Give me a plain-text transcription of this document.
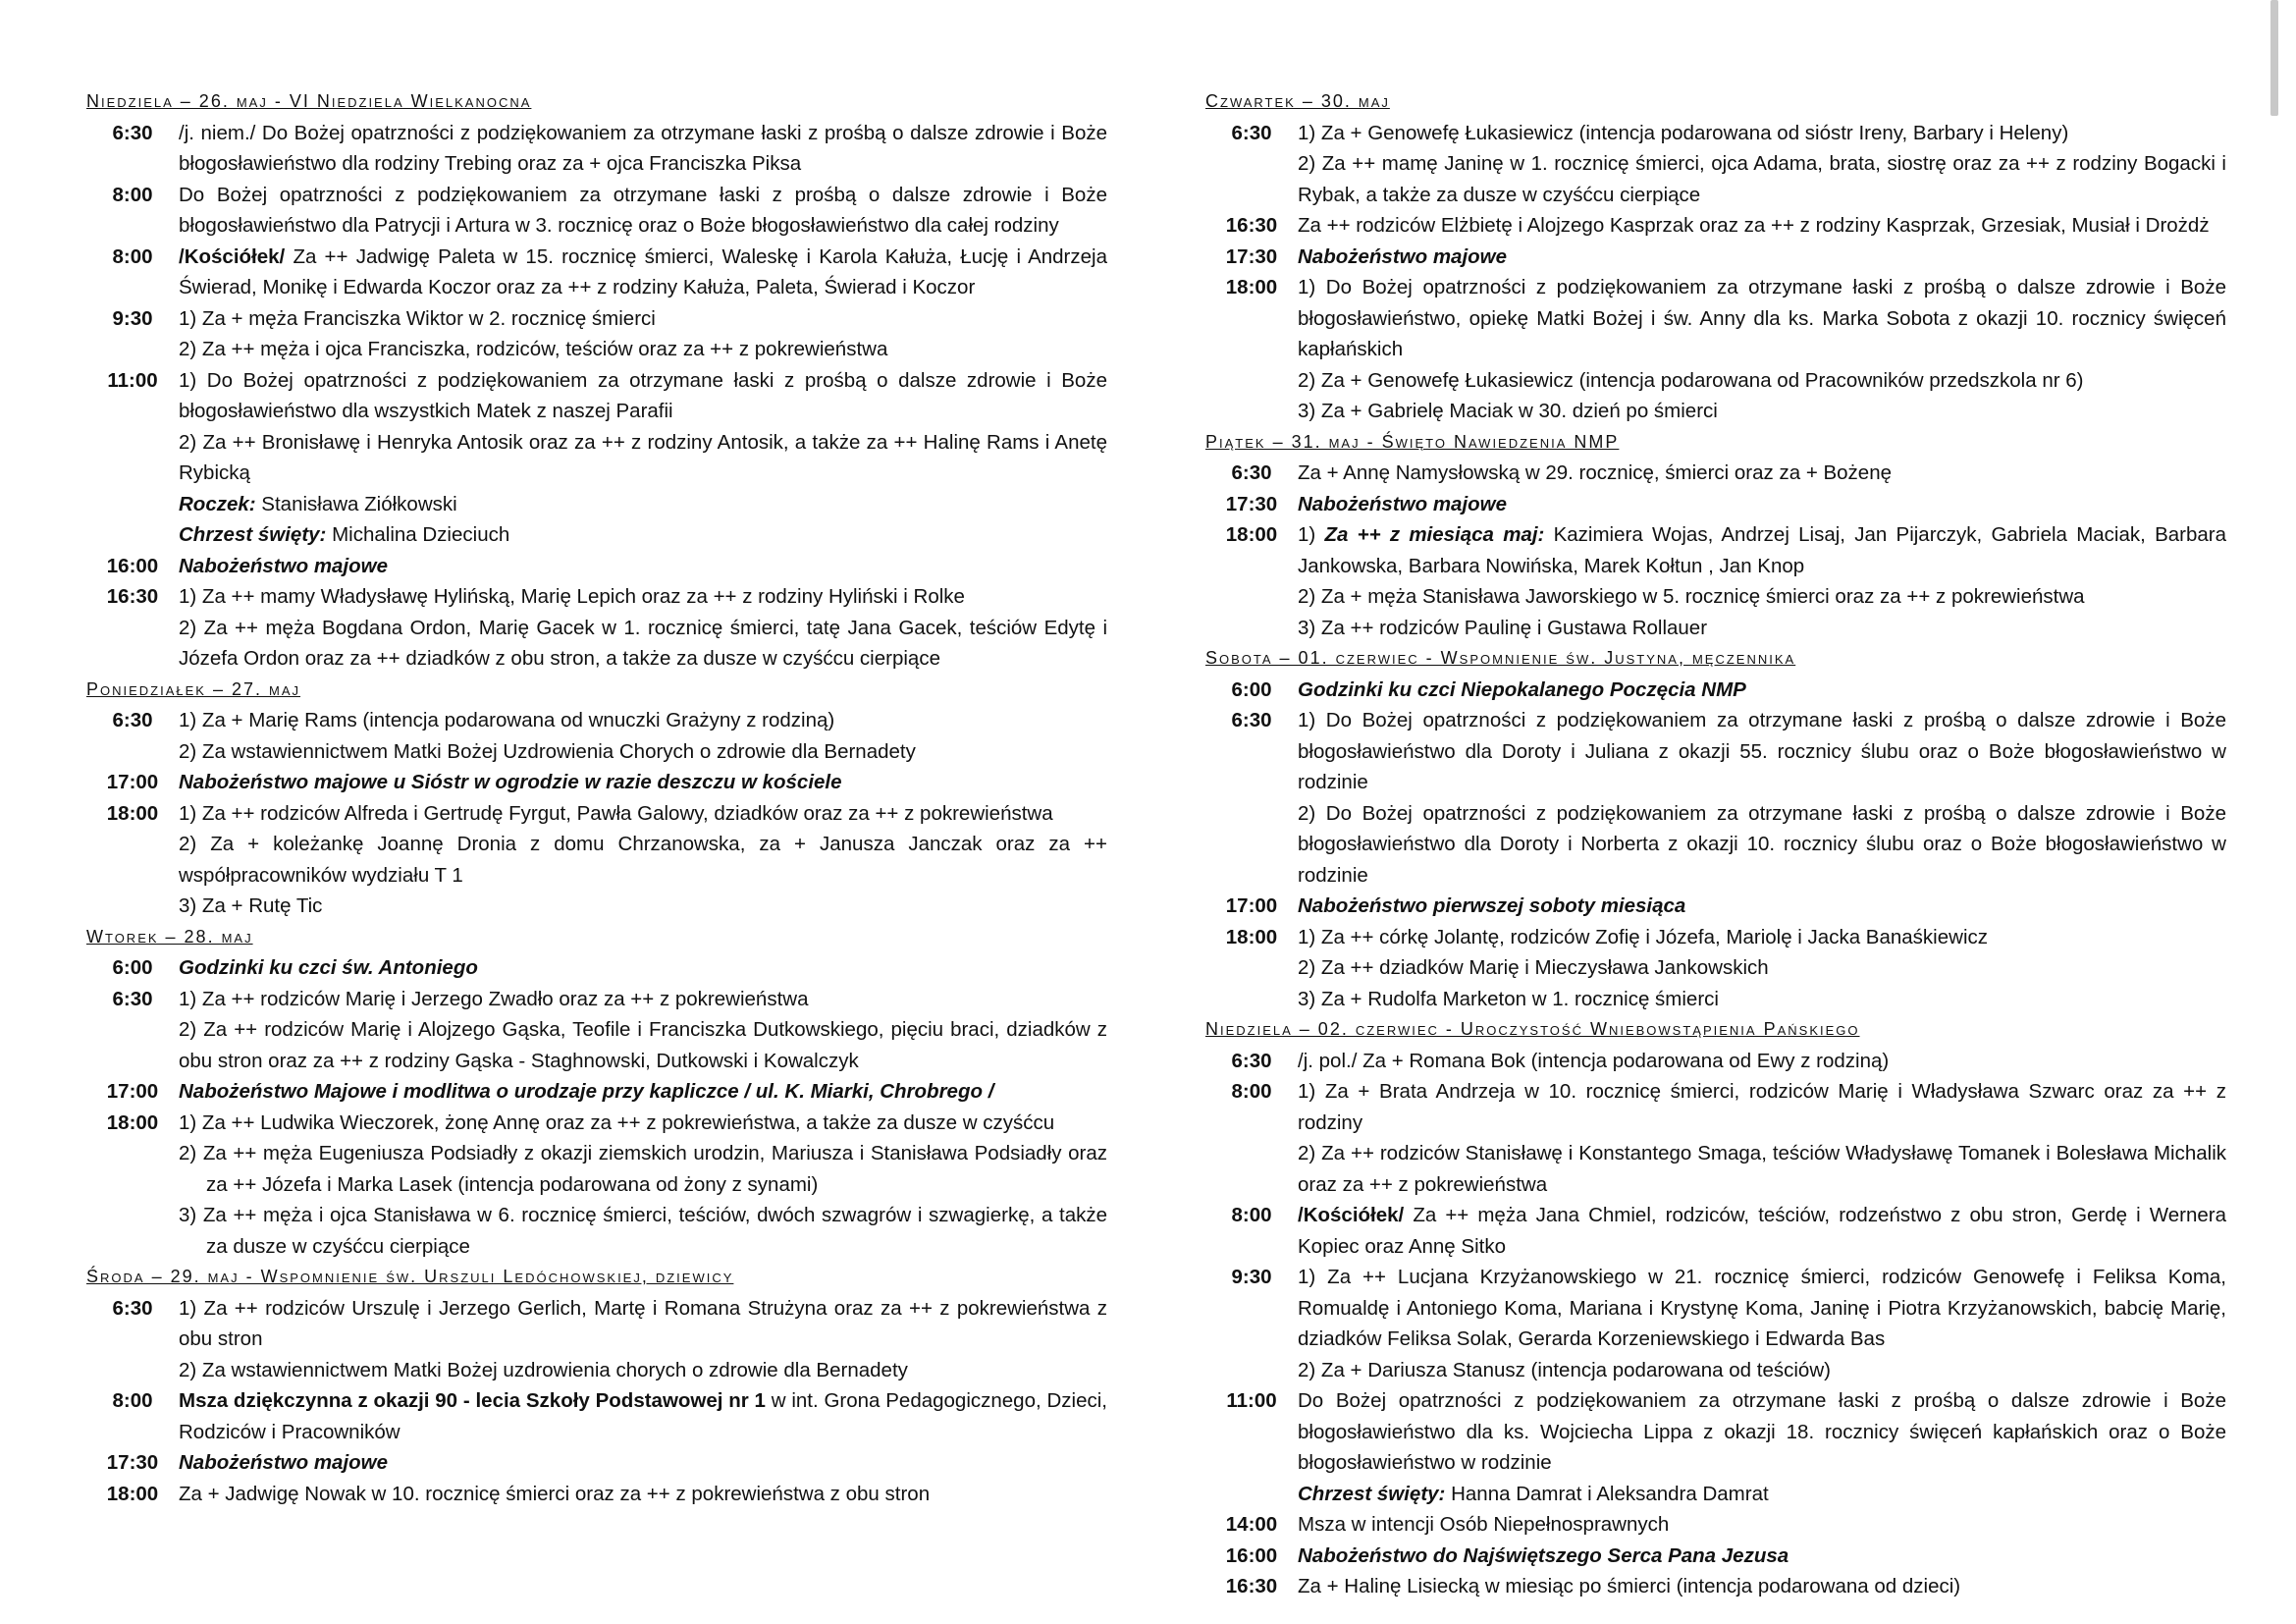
Niedziela – 26. maj - VI Niedziela Wielkanocna
6:30	/j. niem./ Do Bożej opatrzności z podziękowaniem za otrzymane łaski z prośbą o dalsze zdrowie i Boże błogosławieństwo dla rodziny Trebing oraz za + ojca Franciszka Piksa
8:00	Do Bożej opatrzności z podziękowaniem za otrzymane łaski z prośbą o dalsze zdrowie i Boże błogosławieństwo dla Patrycji i Artura w 3. rocznicę oraz o Boże błogosławieństwo dla całej rodziny
8:00	/Kościółek/ Za ++ Jadwigę Paleta w 15. rocznicę śmierci, Waleskę i Karola Kałuża, Łucję i Andrzeja Świerad, Monikę i Edwarda Koczor oraz za ++ z rodziny Kałuża, Paleta, Świerad i Koczor
9:30	1) Za + męża Franciszka Wiktor w 2. rocznicę śmierci
2) Za ++ męża i ojca Franciszka, rodziców, teściów oraz za ++ z pokrewieństwa
11:00	1) Do Bożej opatrzności z podziękowaniem za otrzymane łaski z prośbą o dalsze zdrowie i Boże błogosławieństwo dla wszystkich Matek z naszej Parafii
2) Za ++ Bronisławę i Henryka Antosik oraz za ++ z rodziny Antosik, a także za ++ Halinę Rams i Anetę Rybicką
Roczek: Stanisława Ziółkowski
Chrzest święty: Michalina Dzieciuch
16:00	Nabożeństwo majowe
16:30	1) Za ++ mamy Władysławę Hylińską, Marię Lepich oraz za ++ z rodziny Hyliński i Rolke
2) Za ++ męża Bogdana Ordon, Marię Gacek w 1. rocznicę śmierci, tatę Jana Gacek, teściów Edytę i Józefa Ordon oraz za ++ dziadków z obu stron, a także za dusze w czyśćcu cierpiące
Poniedziałek – 27. maj
6:30	1) Za + Marię Rams (intencja podarowana od wnuczki Grażyny z rodziną)
2) Za wstawiennictwem Matki Bożej Uzdrowienia Chorych o zdrowie dla Bernadety
17:00	Nabożeństwo majowe u Sióstr w ogrodzie w razie deszczu w kościele
18:00	1) Za ++ rodziców Alfreda i Gertrudę Fyrgut, Pawła Galowy, dziadków oraz za ++ z pokrewieństwa
2) Za + koleżankę Joannę Dronia z domu Chrzanowska, za + Janusza Janczak oraz za ++ współpracowników wydziału T 1
3) Za + Rutę Tic
Wtorek – 28. maj
6:00	Godzinki ku czci św. Antoniego
6:30	1) Za ++ rodziców Marię i Jerzego Zwadło oraz za ++ z pokrewieństwa
2) Za ++ rodziców Marię i Alojzego Gąska, Teofile i Franciszka Dutkowskiego, pięciu braci, dziadków z obu stron oraz za ++ z rodziny Gąska - Staghnowski, Dutkowski i Kowalczyk
17:00	Nabożeństwo Majowe i modlitwa o urodzaje przy kapliczce / ul. K. Miarki, Chrobrego /
18:00	1) Za ++ Ludwika Wieczorek, żonę Annę oraz za ++ z pokrewieństwa, a także za dusze w czyśćcu
2) Za ++ męża Eugeniusza Podsiadły z okazji ziemskich urodzin, Mariusza i Stanisława Podsiadły oraz za ++ Józefa i Marka Lasek (intencja podarowana od żony z synami)
3) Za ++ męża i ojca Stanisława w 6. rocznicę śmierci, teściów, dwóch szwagrów i szwagierkę, a także za dusze w czyśćcu cierpiące
Środa – 29. maj - Wspomnienie św. Urszuli Ledóchowskiej, dziewicy
6:30	1) Za ++ rodziców Urszulę i Jerzego Gerlich, Martę i Romana Strużyna oraz za ++ z pokrewieństwa z obu stron
2) Za wstawiennictwem Matki Bożej uzdrowienia chorych o zdrowie dla Bernadety
8:00	Msza dziękczynna z okazji 90 - lecia Szkoły Podstawowej nr 1 w int. Grona Pedagogicznego, Dzieci, Rodziców i Pracowników
17:30	Nabożeństwo majowe
18:00	Za + Jadwigę Nowak w 10. rocznicę śmierci oraz za ++ z pokrewieństwa z obu stron
Czwartek – 30. maj
6:30	1) Za + Genowefę Łukasiewicz (intencja podarowana od sióstr Ireny, Barbary i Heleny)
2) Za ++ mamę Janinę w 1. rocznicę śmierci, ojca Adama, brata, siostrę oraz za ++ z rodziny Bogacki i Rybak, a także za dusze w czyśćcu cierpiące
16:30	Za ++ rodziców Elżbietę i Alojzego Kasprzak oraz za ++ z rodziny Kasprzak, Grzesiak, Musiał i Drożdż
17:30	Nabożeństwo majowe
18:00	1) Do Bożej opatrzności z podziękowaniem za otrzymane łaski z prośbą o dalsze zdrowie i Boże błogosławieństwo, opiekę Matki Bożej i św. Anny dla ks. Marka Sobota z okazji 10. rocznicy święceń kapłańskich
2) Za + Genowefę Łukasiewicz (intencja podarowana od Pracowników przedszkola nr 6)
3) Za + Gabrielę Maciak w 30. dzień po śmierci
Piątek – 31. maj - Święto Nawiedzenia NMP
6:30	Za + Annę Namysłowską w 29. rocznicę, śmierci oraz za + Bożenę
17:30	Nabożeństwo majowe
18:00	1) Za ++ z miesiąca maj: Kazimiera Wojas, Andrzej Lisaj, Jan Pijarczyk, Gabriela Maciak, Barbara Jankowska, Barbara Nowińska, Marek Kołtun , Jan Knop
2) Za + męża Stanisława Jaworskiego w 5. rocznicę śmierci oraz za ++ z pokrewieństwa
3) Za ++ rodziców Paulinę i Gustawa Rollauer
Sobota – 01. czerwiec - Wspomnienie św. Justyna, męczennika
6:00	Godzinki ku czci Niepokalanego Poczęcia NMP
6:30	1) Do Bożej opatrzności z podziękowaniem za otrzymane łaski z prośbą o dalsze zdrowie i Boże błogosławieństwo dla Doroty i Juliana z okazji 55. rocznicy ślubu oraz o Boże błogosławieństwo w rodzinie
2) Do Bożej opatrzności z podziękowaniem za otrzymane łaski z prośbą o dalsze zdrowie i Boże błogosławieństwo dla Doroty i Norberta z okazji 10. rocznicy ślubu oraz o Boże błogosławieństwo w rodzinie
17:00	Nabożeństwo pierwszej soboty miesiąca
18:00	1) Za ++ córkę Jolantę, rodziców Zofię i Józefa, Mariolę i Jacka Banaśkiewicz
2) Za ++ dziadków Marię i Mieczysława Jankowskich
3) Za + Rudolfa Marketon w 1. rocznicę śmierci
Niedziela – 02. czerwiec - Uroczystość Wniebowstąpienia Pańskiego
6:30	/j. pol./ Za + Romana Bok (intencja podarowana od Ewy z rodziną)
8:00	1) Za + Brata Andrzeja w 10. rocznicę śmierci, rodziców Marię i Władysława Szwarc oraz za ++ z rodziny
2) Za ++ rodziców Stanisławę i Konstantego Smaga, teściów Władysławę Tomanek i Bolesława Michalik oraz za ++ z pokrewieństwa
8:00	/Kościółek/ Za ++ męża Jana Chmiel, rodziców, teściów, rodzeństwo z obu stron, Gerdę i Wernera Kopiec oraz Annę Sitko
9:30	1) Za ++ Lucjana Krzyżanowskiego w 21. rocznicę śmierci, rodziców Genowefę i Feliksa Koma, Romualdę i Antoniego Koma, Mariana i Krystynę Koma, Janinę i Piotra Krzyżanowskich, babcię Marię, dziadków Feliksa Solak, Gerarda Korzeniewskiego i Edwarda Bas
2) Za + Dariusza Stanusz (intencja podarowana od teściów)
11:00	Do Bożej opatrzności z podziękowaniem za otrzymane łaski z prośbą o dalsze zdrowie i Boże błogosławieństwo dla ks. Wojciecha Lippa z okazji 18. rocznicy święceń kapłańskich oraz o Boże błogosławieństwo w rodzinie
Chrzest święty: Hanna Damrat i Aleksandra Damrat
14:00	Msza w intencji Osób Niepełnosprawnych
16:00	Nabożeństwo do Najświętszego Serca Pana Jezusa
16:30	Za + Halinę Lisiecką w miesiąc po śmierci (intencja podarowana od dzieci)
